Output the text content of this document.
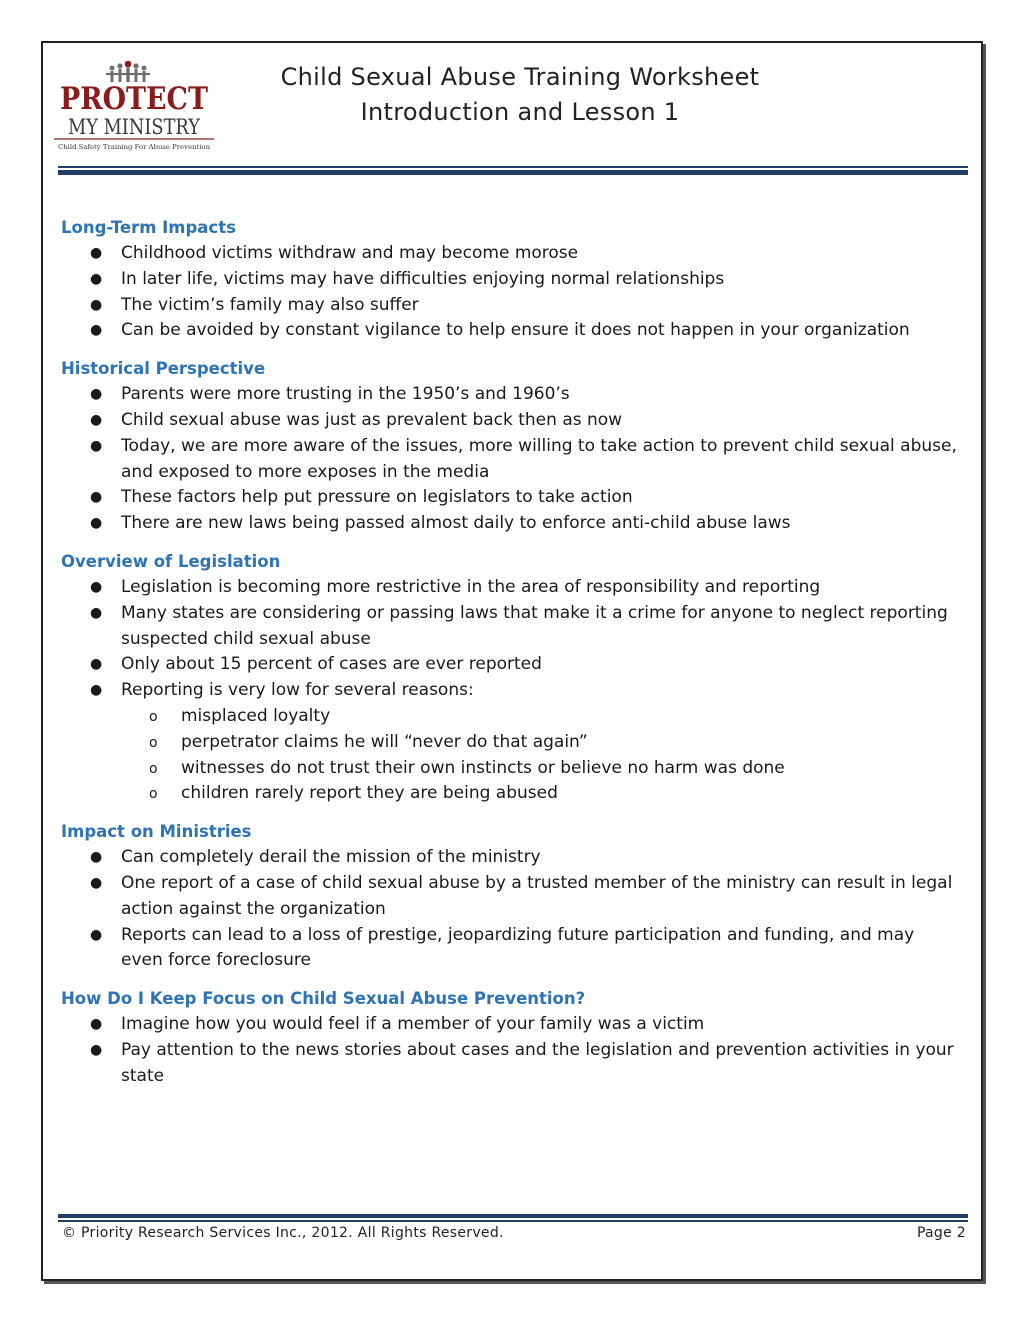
PROTECT
MY MINISTRY
Child Safety Training For Abuse Prevention
Child Sexual Abuse Training Worksheet
Introduction and Lesson 1
Long-Term Impacts
● Childhood victims withdraw and may become morose
● In later life, victims may have difficulties enjoying normal relationships
● The victim’s family may also suffer
● Can be avoided by constant vigilance to help ensure it does not happen in your organization
Historical Perspective
● Parents were more trusting in the 1950’s and 1960’s
● Child sexual abuse was just as prevalent back then as now
● Today, we are more aware of the issues, more willing to take action to prevent child sexual abuse, and exposed to more exposes in the media
● These factors help put pressure on legislators to take action
● There are new laws being passed almost daily to enforce anti-child abuse laws
Overview of Legislation
● Legislation is becoming more restrictive in the area of responsibility and reporting
● Many states are considering or passing laws that make it a crime for anyone to neglect reporting suspected child sexual abuse
● Only about 15 percent of cases are ever reported
● Reporting is very low for several reasons:
o misplaced loyalty
o perpetrator claims he will “never do that again”
o witnesses do not trust their own instincts or believe no harm was done
o children rarely report they are being abused
Impact on Ministries
● Can completely derail the mission of the ministry
● One report of a case of child sexual abuse by a trusted member of the ministry can result in legal action against the organization
● Reports can lead to a loss of prestige, jeopardizing future participation and funding, and may even force foreclosure
How Do I Keep Focus on Child Sexual Abuse Prevention?
● Imagine how you would feel if a member of your family was a victim
● Pay attention to the news stories about cases and the legislation and prevention activities in your state
© Priority Research Services Inc., 2012. All Rights Reserved.	Page 2
